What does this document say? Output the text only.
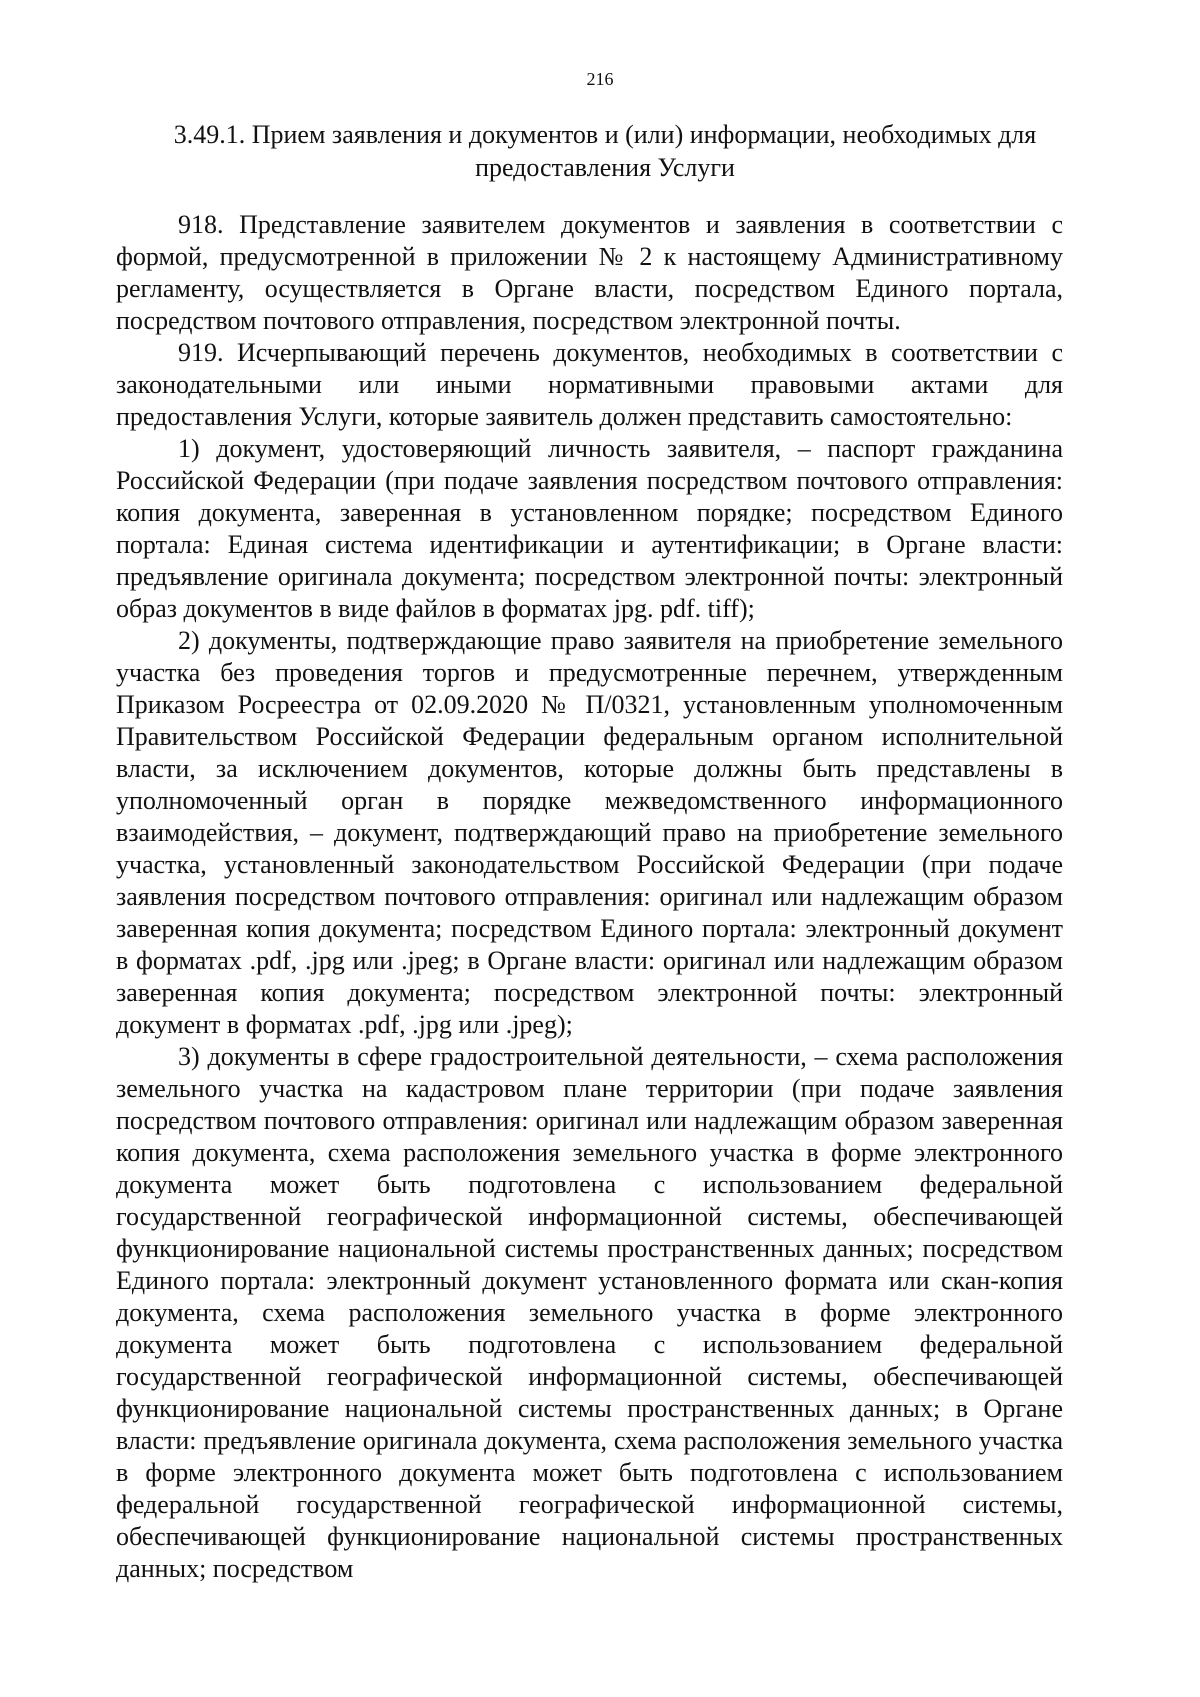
216
3.49.1. Прием заявления и документов и (или) информации, необходимых для предоставления Услуги

918. Представление заявителем документов и заявления в соответствии с формой, предусмотренной в приложении № 2 к настоящему Административному регламенту, осуществляется в Органе власти, посредством Единого портала, посредством почтового отправления, посредством электронной почты.

919. Исчерпывающий перечень документов, необходимых в соответствии с законодательными или иными нормативными правовыми актами для предоставления Услуги, которые заявитель должен представить самостоятельно:

1) документ, удостоверяющий личность заявителя, – паспорт гражданина Российской Федерации (при подаче заявления посредством почтового отправления: копия документа, заверенная в установленном порядке; посредством Единого портала: Единая система идентификации и аутентификации; в Органе власти: предъявление оригинала документа; посредством электронной почты: электронный образ документов в виде файлов в форматах jpg. pdf. tiff);

2) документы, подтверждающие право заявителя на приобретение земельного участка без проведения торгов и предусмотренные перечнем, утвержденным Приказом Росреестра от 02.09.2020 № П/0321, установленным уполномоченным Правительством Российской Федерации федеральным органом исполнительной власти, за исключением документов, которые должны быть представлены в уполномоченный орган в порядке межведомственного информационного взаимодействия, – документ, подтверждающий право на приобретение земельного участка, установленный законодательством Российской Федерации (при подаче заявления посредством почтового отправления: оригинал или надлежащим образом заверенная копия документа; посредством Единого портала: электронный документ в форматах .pdf, .jpg или .jpeg; в Органе власти: оригинал или надлежащим образом заверенная копия документа; посредством электронной почты: электронный документ в форматах .pdf, .jpg или .jpeg);

3) документы в сфере градостроительной деятельности, – схема расположения земельного участка на кадастровом плане территории (при подаче заявления посредством почтового отправления: оригинал или надлежащим образом заверенная копия документа, схема расположения земельного участка в форме электронного документа может быть подготовлена с использованием федеральной государственной географической информационной системы, обеспечивающей функционирование национальной системы пространственных данных; посредством Единого портала: электронный документ установленного формата или скан-копия документа, схема расположения земельного участка в форме электронного документа может быть подготовлена с использованием федеральной государственной географической информационной системы, обеспечивающей функционирование национальной системы пространственных данных; в Органе власти: предъявление оригинала документа, схема расположения земельного участка в форме электронного документа может быть подготовлена с использованием федеральной государственной географической информационной системы, обеспечивающей функционирование национальной системы пространственных данных; посредством
